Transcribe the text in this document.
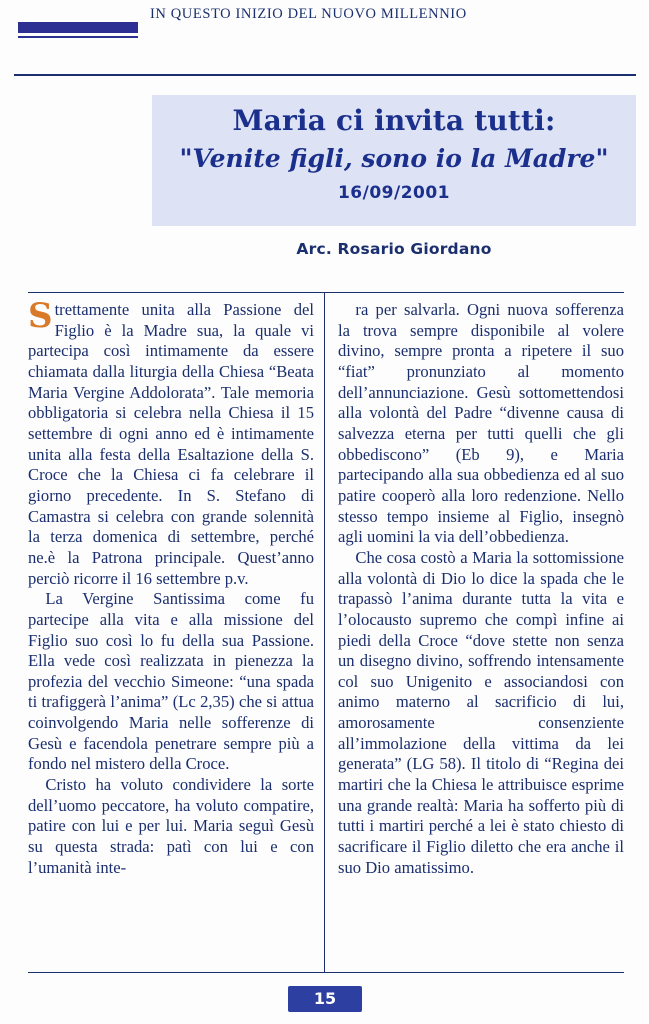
IN QUESTO INIZIO DEL NUOVO MILLENNIO
Maria ci invita tutti:
"Venite figli, sono io la Madre"
16/09/2001
Arc. Rosario Giordano

Strettamente unita alla Passione del Figlio è la Madre sua, la quale vi partecipa così intimamente da essere chiamata dalla liturgia della Chiesa “Beata Maria Vergine Addolorata”. Tale memoria obbligatoria si celebra nella Chiesa il 15 settembre di ogni anno ed è intimamente unita alla festa della Esaltazione della S. Croce che la Chiesa ci fa celebrare il giorno precedente. In S. Stefano di Camastra si celebra con grande solennità la terza domenica di settembre, perché ne.è la Patrona principale. Quest’anno perciò ricorre il 16 settembre p.v.

La Vergine Santissima come fu partecipe alla vita e alla missione del Figlio suo così lo fu della sua Passione. Ella vede così realizzata in pienezza la profezia del vecchio Simeone: “una spada ti trafiggerà l’anima” (Lc 2,35) che si attua coinvolgendo Maria nelle sofferenze di Gesù e facendola penetrare sempre più a fondo nel mistero della Croce.

Cristo ha voluto condividere la sorte dell’uomo peccatore, ha voluto compatire, patire con lui e per lui. Maria seguì Gesù su questa strada: patì con lui e con l’umanità inte-

ra per salvarla. Ogni nuova sofferenza la trova sempre disponibile al volere divino, sempre pronta a ripetere il suo “fiat” pronunziato al momento dell’annunciazione. Gesù sottomettendosi alla volontà del Padre “divenne causa di salvezza eterna per tutti quelli che gli obbediscono” (Eb 9), e Maria partecipando alla sua obbedienza ed al suo patire cooperò alla loro redenzione. Nello stesso tempo insieme al Figlio, insegnò agli uomini la via dell’obbedienza.

Che cosa costò a Maria la sottomissione alla volontà di Dio lo dice la spada che le trapassò l’anima durante tutta la vita e l’olocausto supremo che compì infine ai piedi della Croce “dove stette non senza un disegno divino, soffrendo intensamente col suo Unigenito e associandosi con animo materno al sacrificio di lui, amorosamente consenziente all’immolazione della vittima da lei generata” (LG 58). Il titolo di “Regina dei martiri che la Chiesa le attribuisce esprime una grande realtà: Maria ha sofferto più di tutti i martiri perché a lei è stato chiesto di sacrificare il Figlio diletto che era anche il suo Dio amatissimo.

15
